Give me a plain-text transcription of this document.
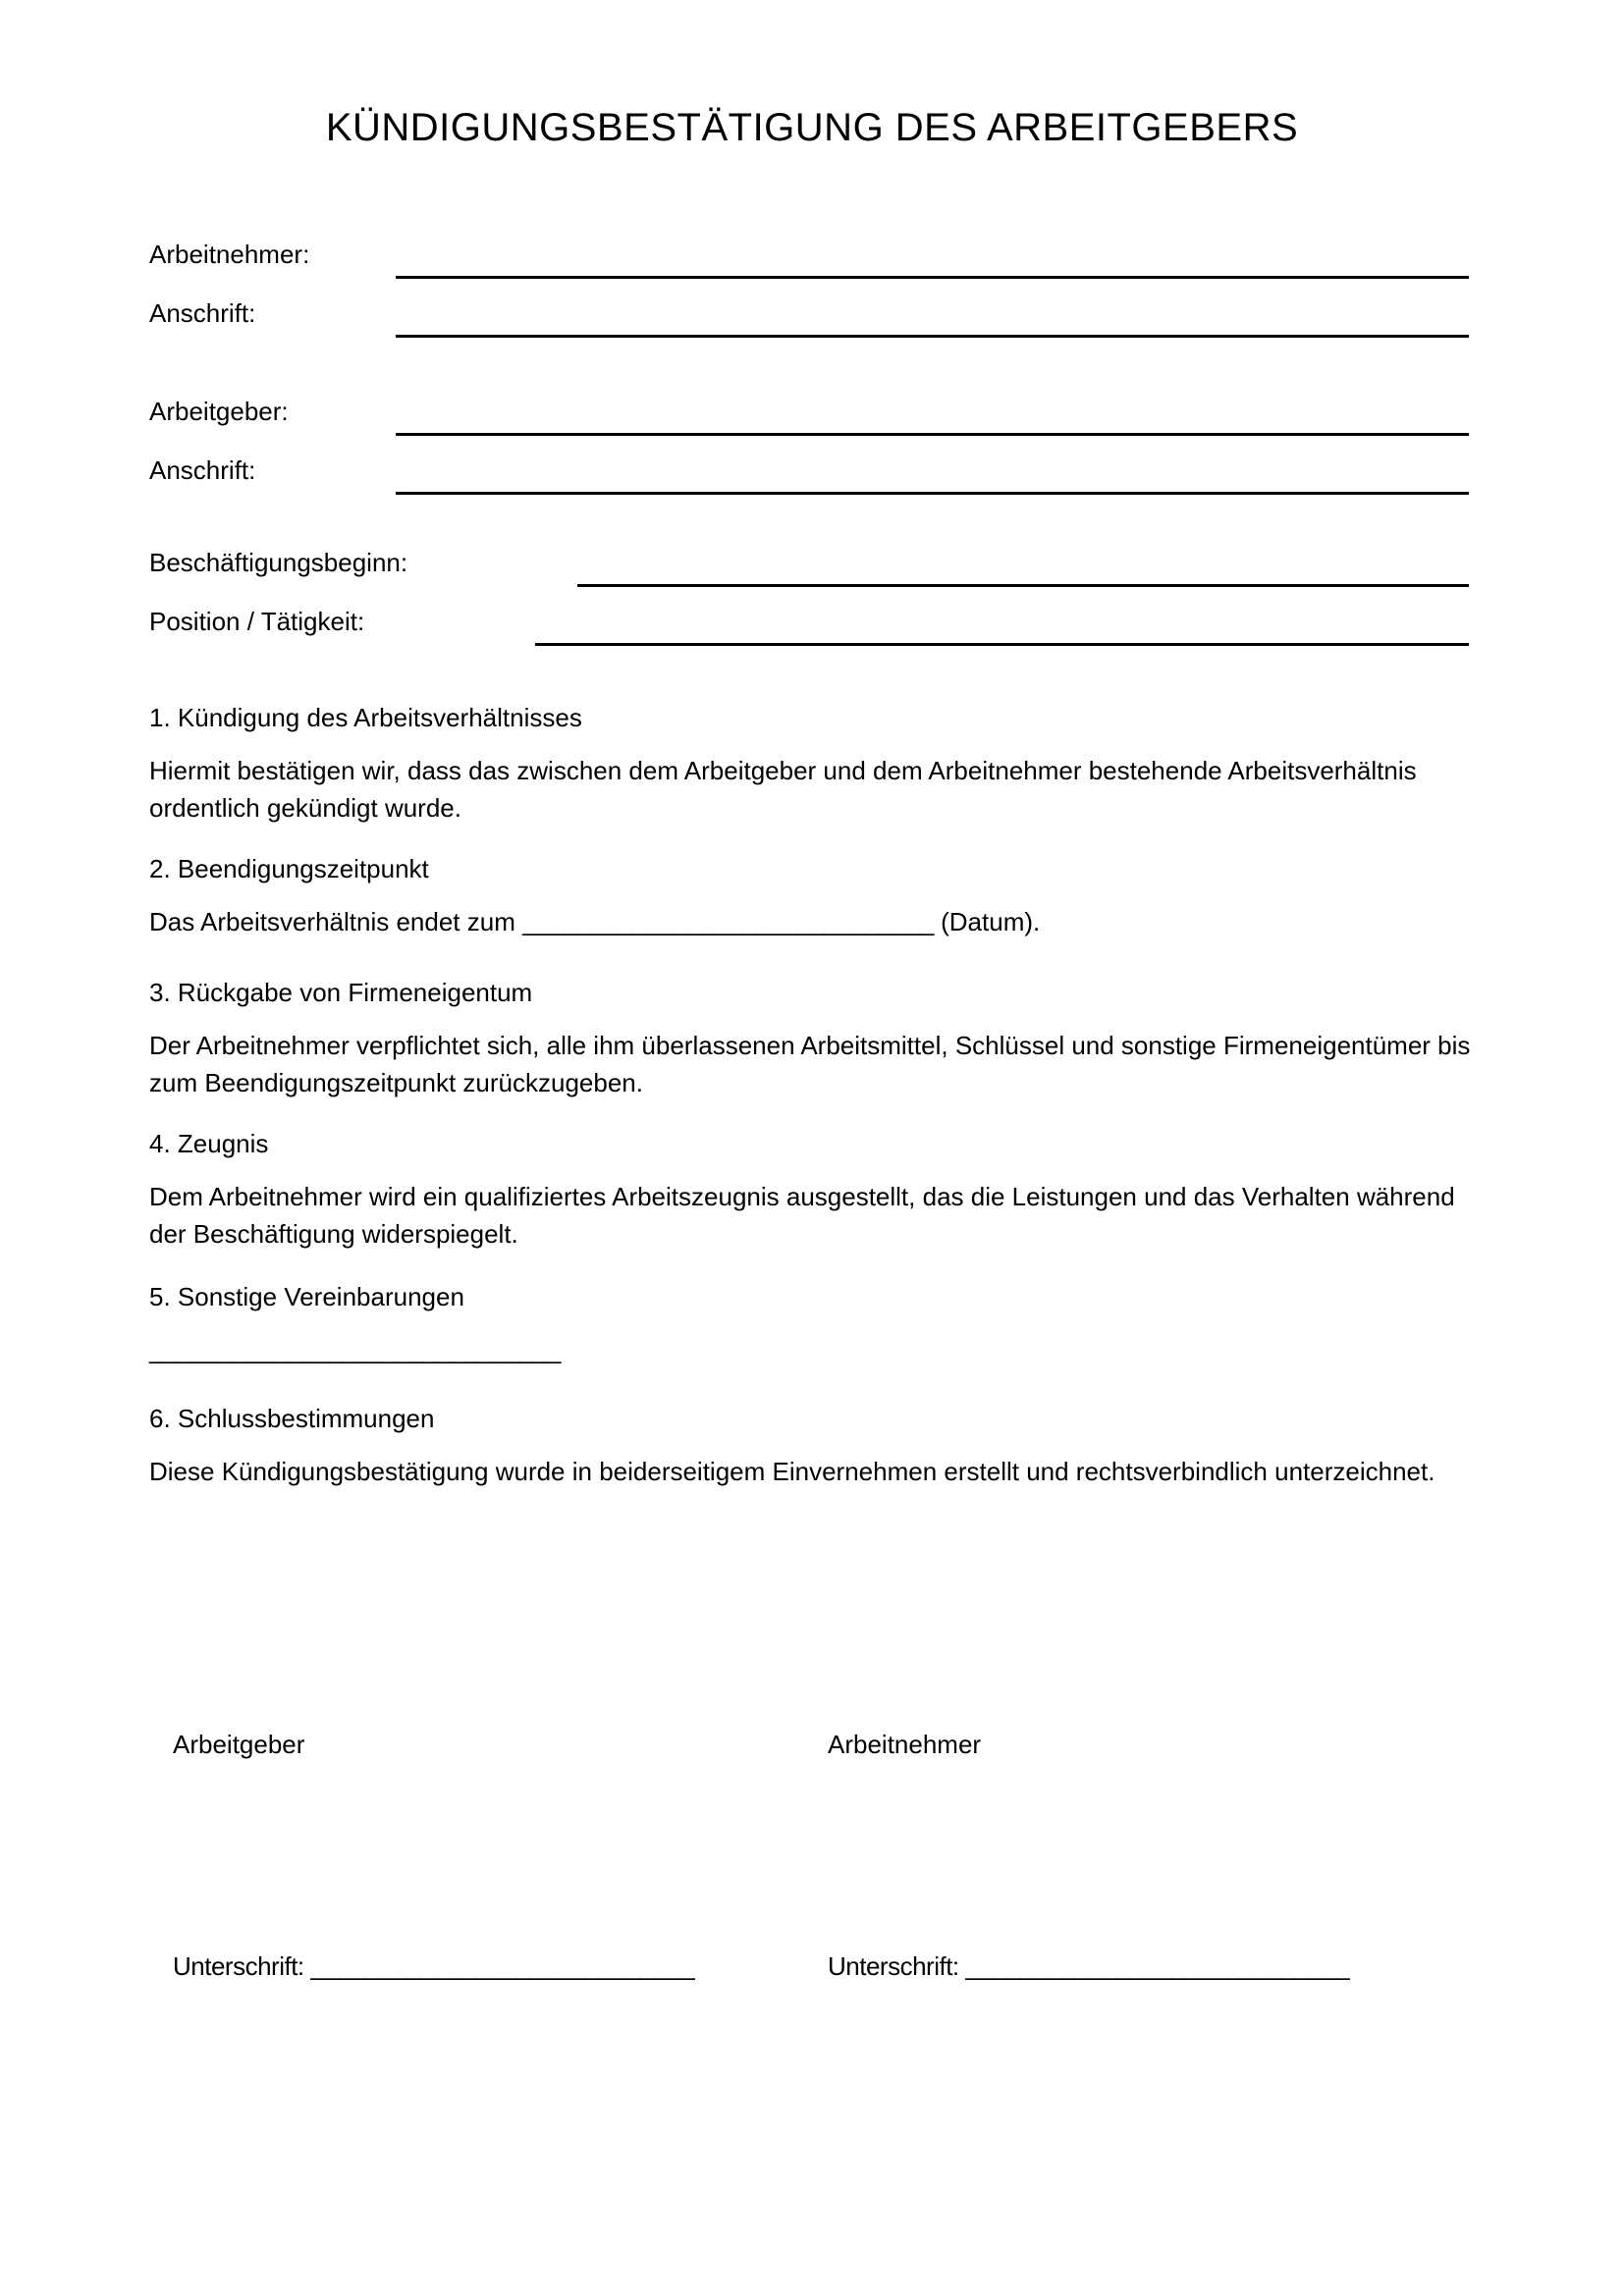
KÜNDIGUNGSBESTÄTIGUNG DES ARBEITGEBERS
Arbeitnehmer:
Anschrift:
Arbeitgeber:
Anschrift:
Beschäftigungsbeginn:
Position / Tätigkeit:

1. Kündigung des Arbeitsverhältnisses

Hiermit bestätigen wir, dass das zwischen dem Arbeitgeber und dem Arbeitnehmer bestehende Arbeitsverhältnis ordentlich gekündigt wurde.

2. Beendigungszeitpunkt

Das Arbeitsverhältnis endet zum ______________________________ (Datum).

3. Rückgabe von Firmeneigentum

Der Arbeitnehmer verpflichtet sich, alle ihm überlassenen Arbeitsmittel, Schlüssel und sonstige Firmeneigentümer bis zum Beendigungszeitpunkt zurückzugeben.

4. Zeugnis

Dem Arbeitnehmer wird ein qualifiziertes Arbeitszeugnis ausgestellt, das die Leistungen und das Verhalten während der Beschäftigung widerspiegelt.

5. Sonstige Vereinbarungen

______________________________

6. Schlussbestimmungen

Diese Kündigungsbestätigung wurde in beiderseitigem Einvernehmen erstellt und rechtsverbindlich unterzeichnet.

Arbeitgeber	Arbeitnehmer
Unterschrift: ____________________________	Unterschrift: ____________________________
